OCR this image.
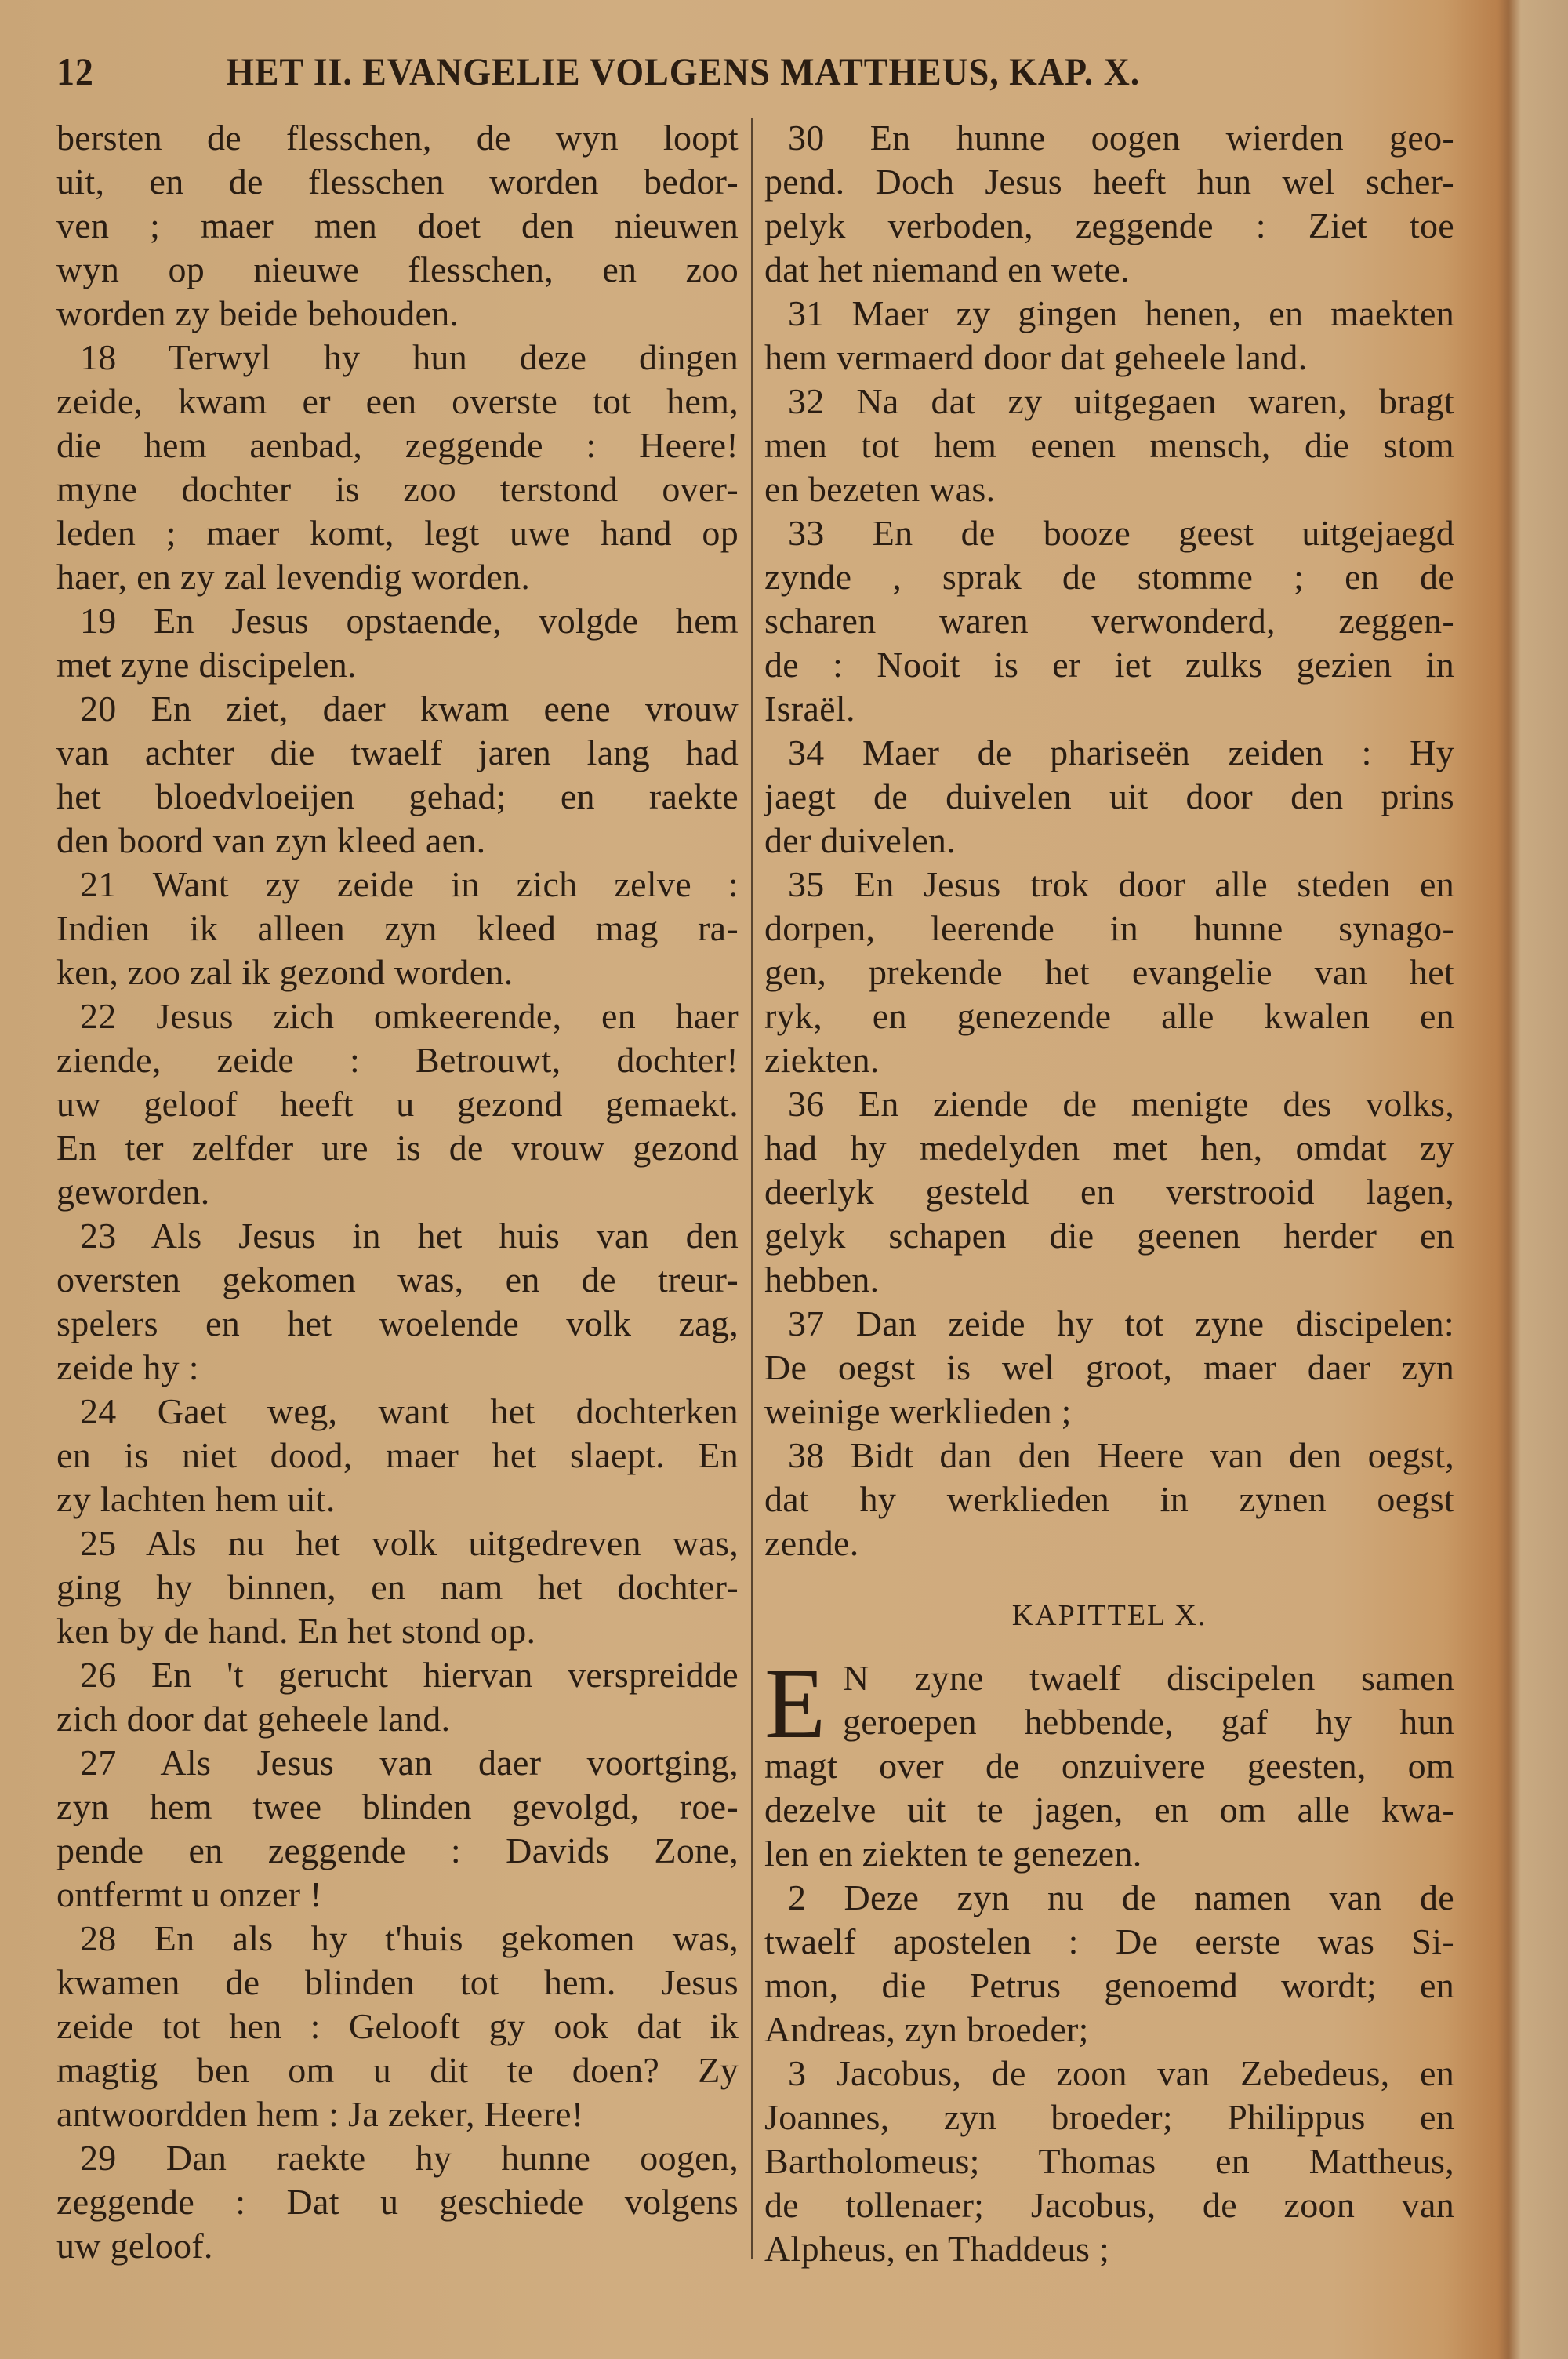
12	HET II. EVANGELIE VOLGENS MATTHEUS, KAP. X.
bersten de flesschen, de wyn loopt
uit, en de flesschen worden bedor-
ven ; maer men doet den nieuwen
wyn op nieuwe flesschen, en zoo
worden zy beide behouden.
18 Terwyl hy hun deze dingen
zeide, kwam er een overste tot hem,
die hem aenbad, zeggende : Heere!
myne dochter is zoo terstond over-
leden ; maer komt, legt uwe hand op
haer, en zy zal levendig worden.
19 En Jesus opstaende, volgde hem
met zyne discipelen.
20 En ziet, daer kwam eene vrouw
van achter die twaelf jaren lang had
het bloedvloeijen gehad; en raekte
den boord van zyn kleed aen.
21 Want zy zeide in zich zelve :
Indien ik alleen zyn kleed mag ra-
ken, zoo zal ik gezond worden.
22 Jesus zich omkeerende, en haer
ziende, zeide : Betrouwt, dochter!
uw geloof heeft u gezond gemaekt.
En ter zelfder ure is de vrouw gezond
geworden.
23 Als Jesus in het huis van den
oversten gekomen was, en de treur-
spelers en het woelende volk zag,
zeide hy :
24 Gaet weg, want het dochterken
en is niet dood, maer het slaept. En
zy lachten hem uit.
25 Als nu het volk uitgedreven was,
ging hy binnen, en nam het dochter-
ken by de hand. En het stond op.
26 En 't gerucht hiervan verspreidde
zich door dat geheele land.
27 Als Jesus van daer voortging,
zyn hem twee blinden gevolgd, roe-
pende en zeggende : Davids Zone,
ontfermt u onzer !
28 En als hy t'huis gekomen was,
kwamen de blinden tot hem. Jesus
zeide tot hen : Gelooft gy ook dat ik
magtig ben om u dit te doen? Zy
antwoordden hem : Ja zeker, Heere!
29 Dan raekte hy hunne oogen,
zeggende : Dat u geschiede volgens
uw geloof.
30 En hunne oogen wierden geo-
pend. Doch Jesus heeft hun wel scher-
pelyk verboden, zeggende : Ziet toe
dat het niemand en wete.
31 Maer zy gingen henen, en maekten
hem vermaerd door dat geheele land.
32 Na dat zy uitgegaen waren, bragt
men tot hem eenen mensch, die stom
en bezeten was.
33 En de booze geest uitgejaegd
zynde , sprak de stomme ; en de
scharen waren verwonderd, zeggen-
de : Nooit is er iet zulks gezien in
Israël.
34 Maer de phariseën zeiden : Hy
jaegt de duivelen uit door den prins
der duivelen.
35 En Jesus trok door alle steden en
dorpen, leerende in hunne synago-
gen, prekende het evangelie van het
ryk, en genezende alle kwalen en
ziekten.
36 En ziende de menigte des volks,
had hy medelyden met hen, omdat zy
deerlyk gesteld en verstrooid lagen,
gelyk schapen die geenen herder en
hebben.
37 Dan zeide hy tot zyne discipelen:
De oegst is wel groot, maer daer zyn
weinige werklieden ;
38 Bidt dan den Heere van den oegst,
dat hy werklieden in zynen oegst
zende.
KAPITTEL X.
E N zyne twaelf discipelen samen
geroepen hebbende, gaf hy hun
magt over de onzuivere geesten, om
dezelve uit te jagen, en om alle kwa-
len en ziekten te genezen.
2 Deze zyn nu de namen van de
twaelf apostelen : De eerste was Si-
mon, die Petrus genoemd wordt; en
Andreas, zyn broeder;
3 Jacobus, de zoon van Zebedeus, en
Joannes, zyn broeder; Philippus en
Bartholomeus; Thomas en Mattheus,
de tollenaer; Jacobus, de zoon van
Alpheus, en Thaddeus ;
